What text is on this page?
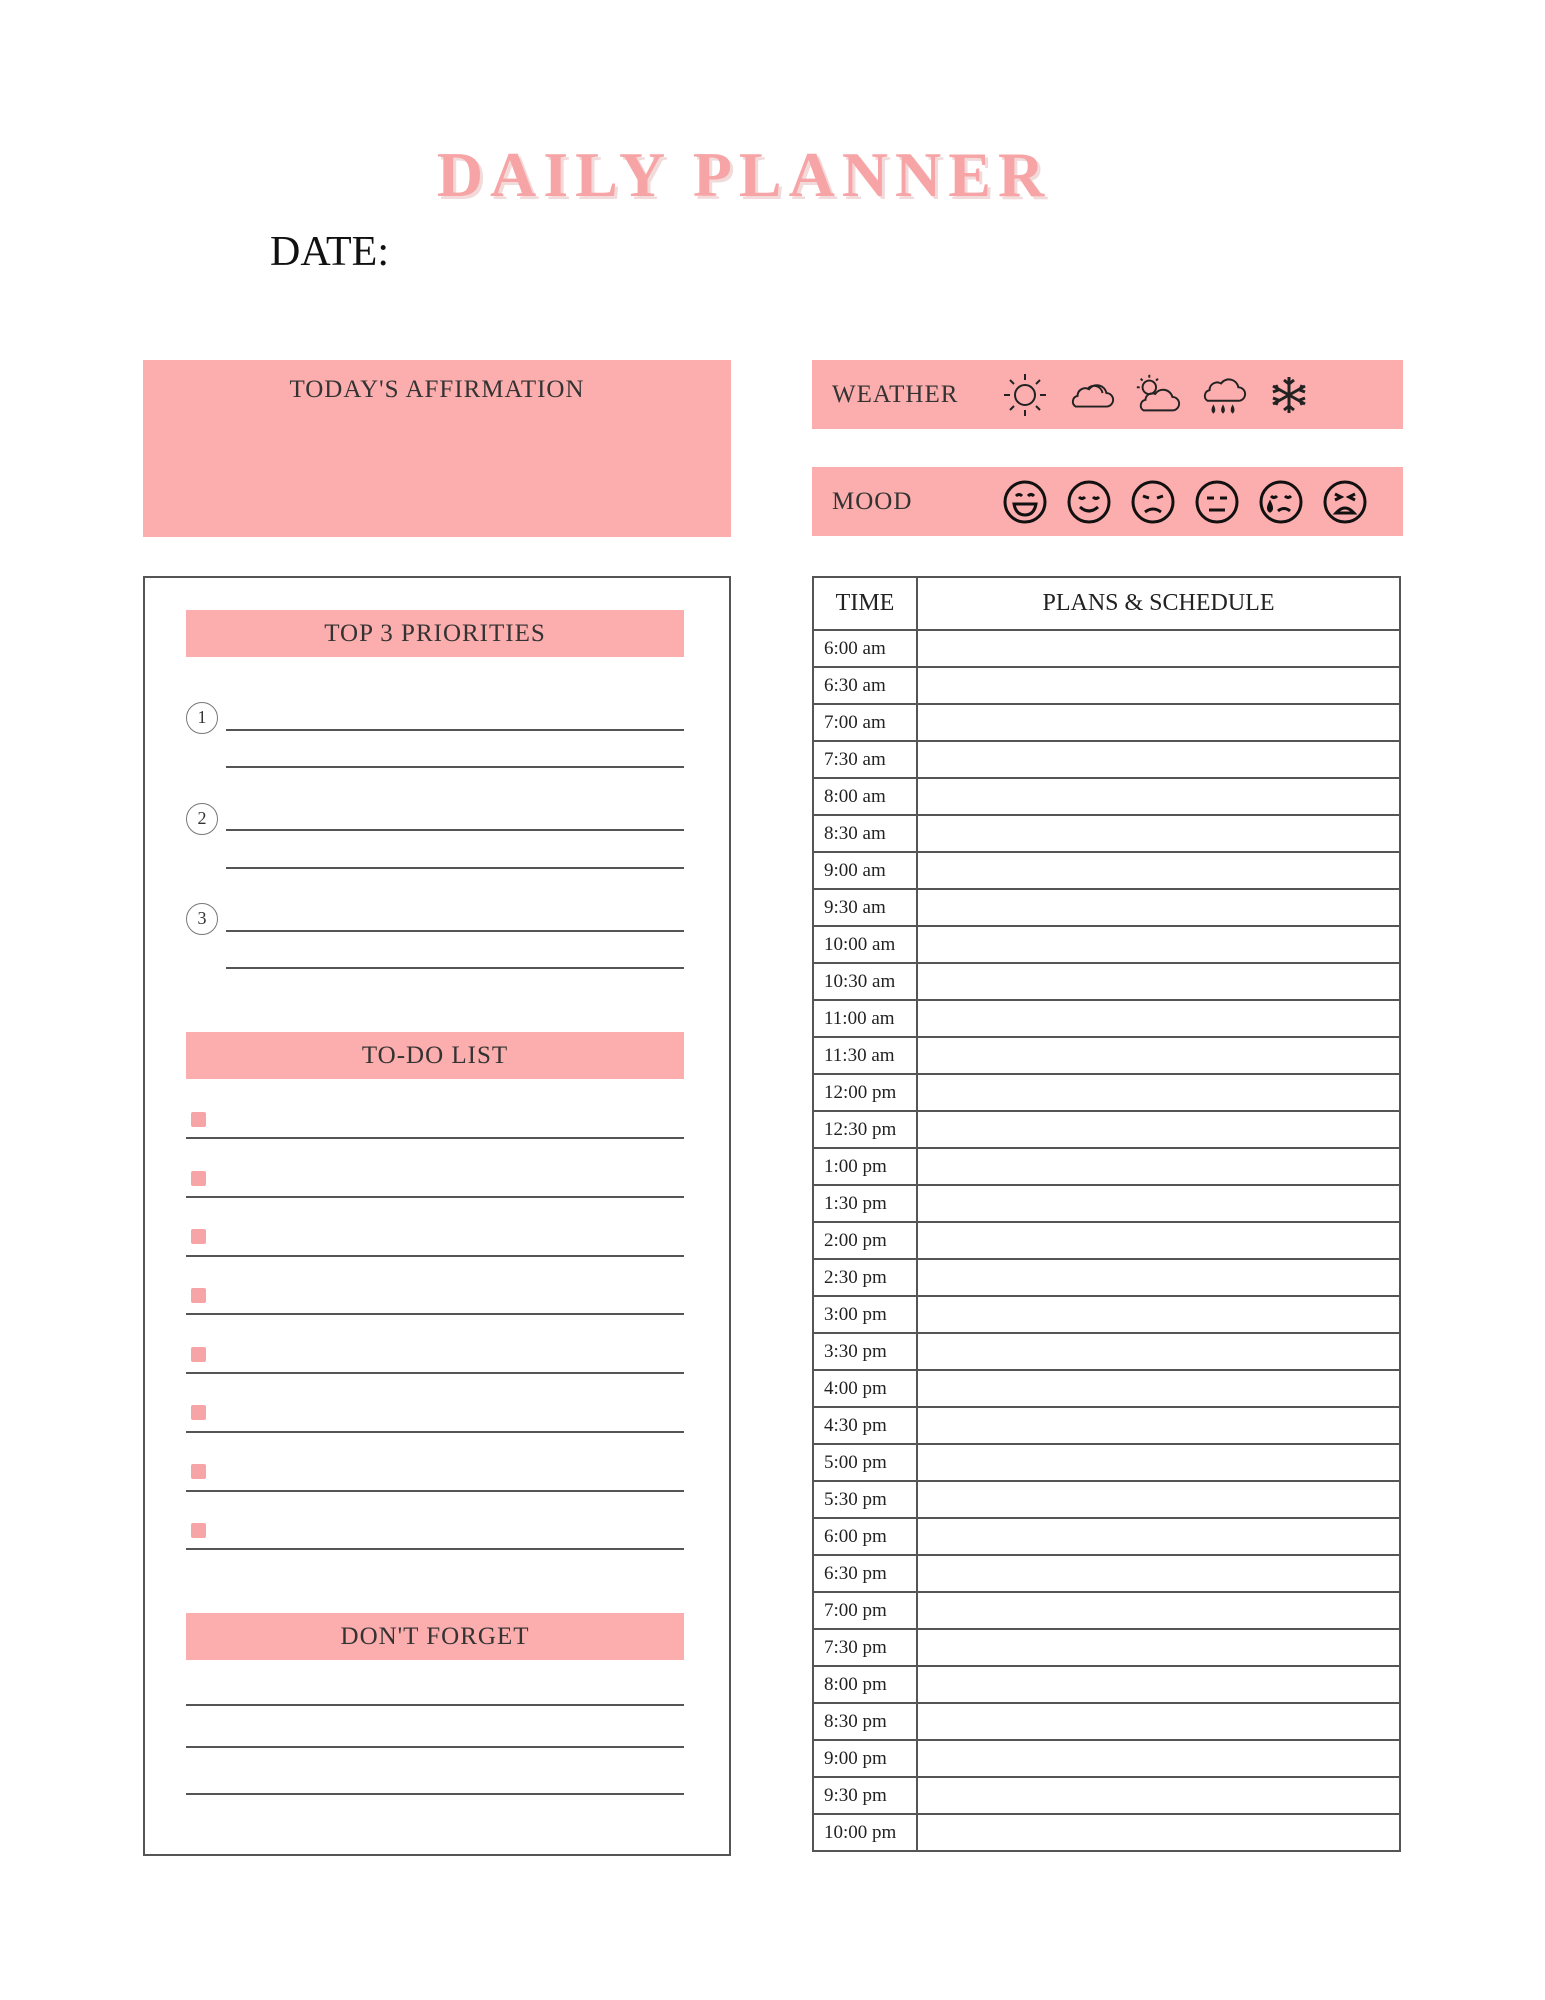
DAILY PLANNER
DATE:
TODAY'S AFFIRMATION	WEATHER
MOOD
TOP 3 PRIORITIES
1
2
3
TO-DO LIST
DON'T FORGET
TIME	PLANS & SCHEDULE
6:00 am	
6:30 am	
7:00 am	
7:30 am	
8:00 am	
8:30 am	
9:00 am	
9:30 am	
10:00 am	
10:30 am	
11:00 am	
11:30 am	
12:00 pm	
12:30 pm	
1:00 pm	
1:30 pm	
2:00 pm	
2:30 pm	
3:00 pm	
3:30 pm	
4:00 pm	
4:30 pm	
5:00 pm	
5:30 pm	
6:00 pm	
6:30 pm	
7:00 pm	
7:30 pm	
8:00 pm	
8:30 pm	
9:00 pm	
9:30 pm	
10:00 pm	
